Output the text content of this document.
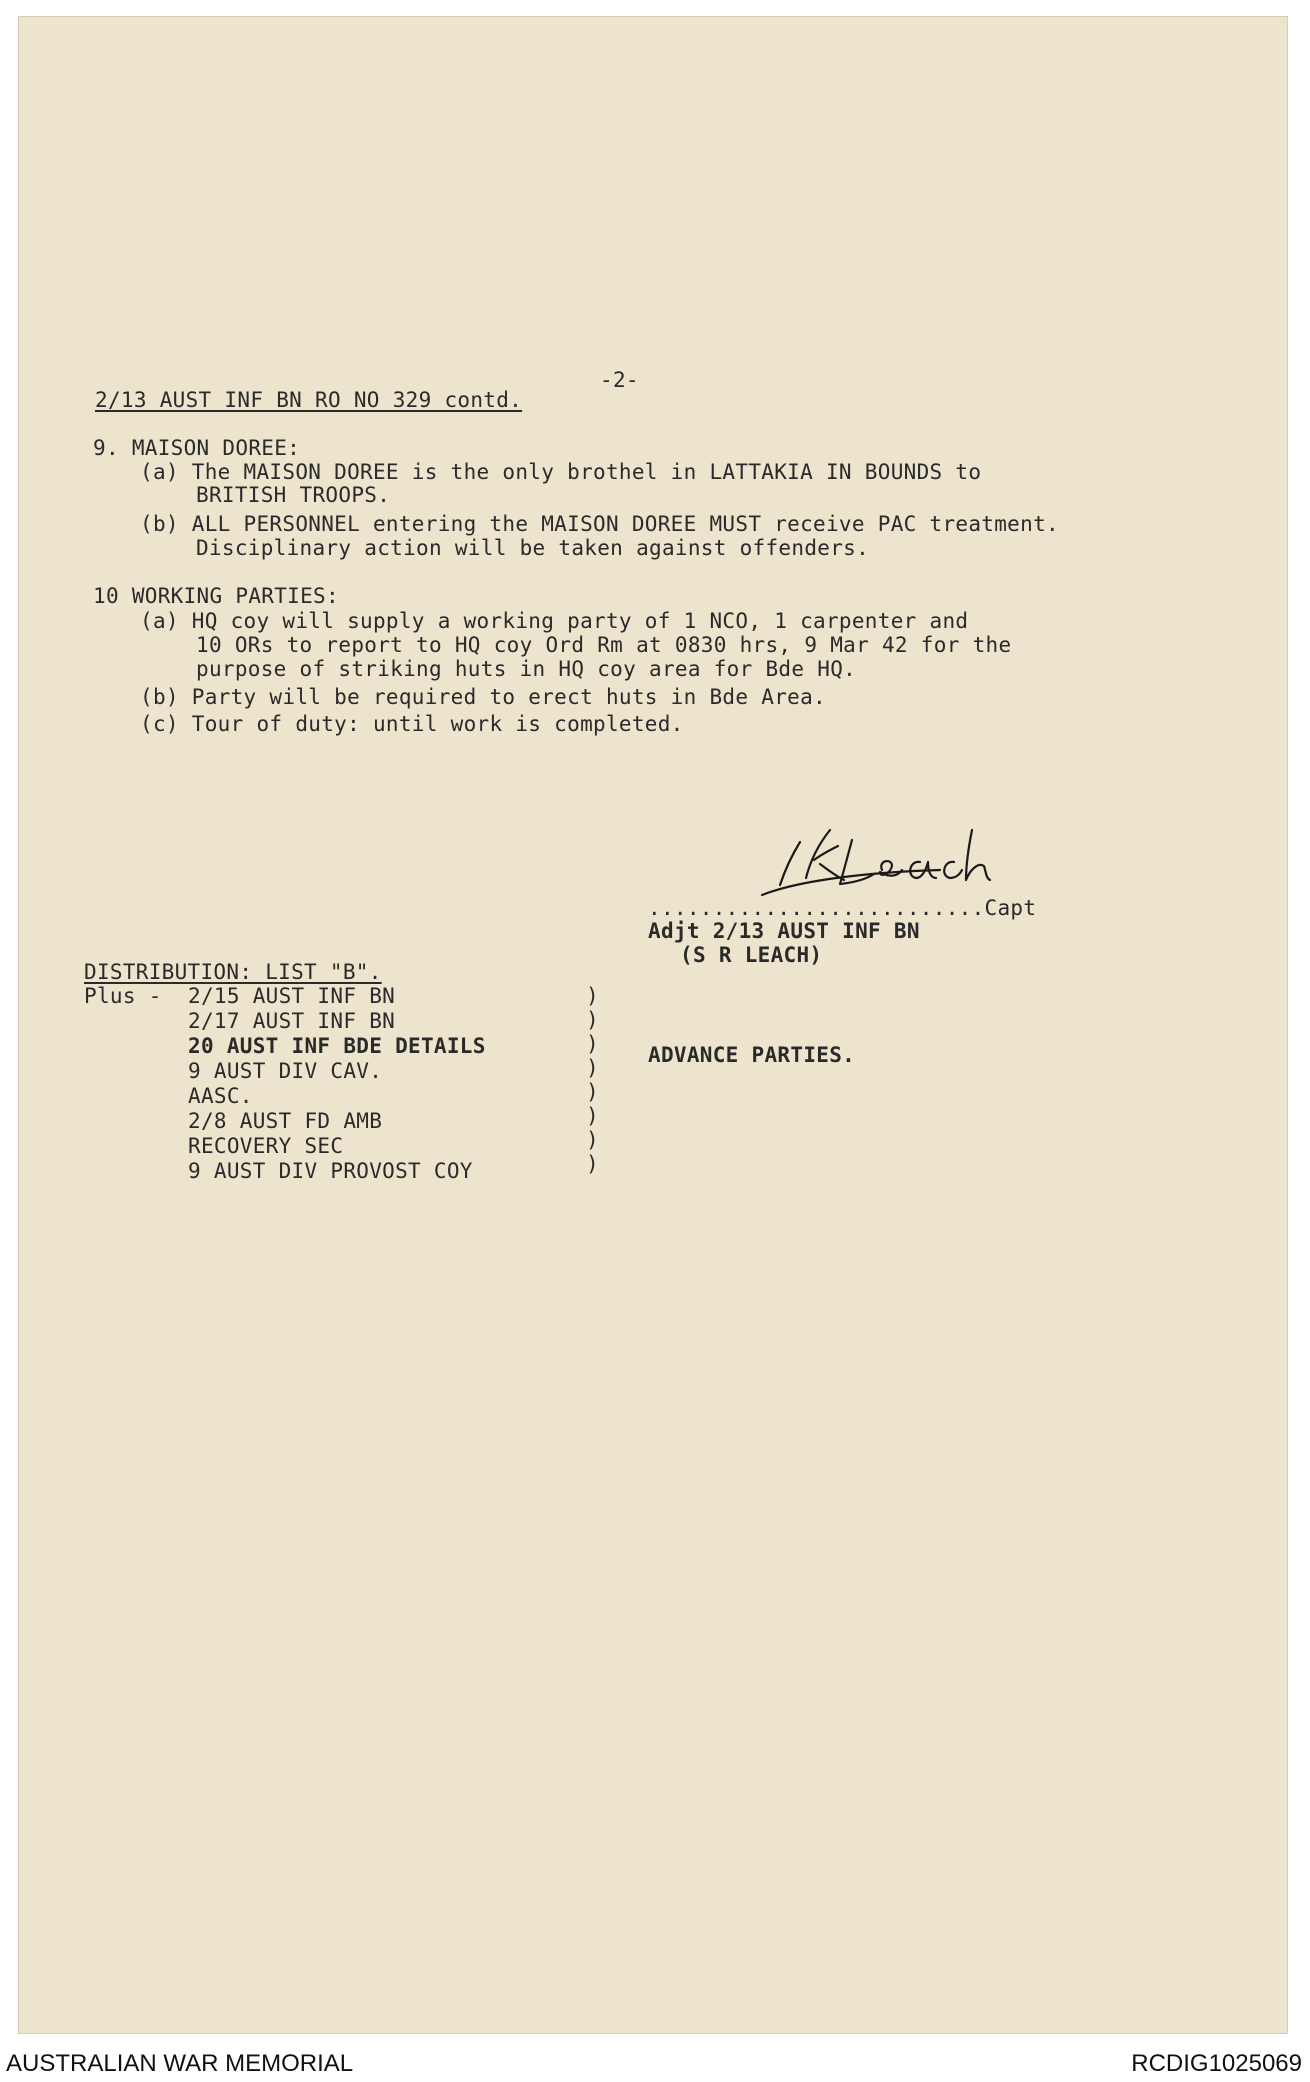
-2-
2/13 AUST INF BN RO NO 329 contd.
9. MAISON DOREE:
(a) The MAISON DOREE is the only brothel in LATTAKIA IN BOUNDS to
BRITISH TROOPS.
(b) ALL PERSONNEL entering the MAISON DOREE MUST receive PAC treatment.
Disciplinary action will be taken against offenders.
10 WORKING PARTIES:
(a) HQ coy will supply a working party of 1 NCO, 1 carpenter and
10 ORs to report to HQ coy Ord Rm at 0830 hrs, 9 Mar 42 for the
purpose of striking huts in HQ coy area for Bde HQ.
(b) Party will be required to erect huts in Bde Area.
(c) Tour of duty: until work is completed.
..........................Capt
Adjt 2/13 AUST INF BN
(S R LEACH)
DISTRIBUTION: LIST "B".
Plus - 2/15 AUST INF BN
2/17 AUST INF BN
20 AUST INF BDE DETAILS
9 AUST DIV CAV.
AASC.
2/8 AUST FD AMB
RECOVERY SEC
9 AUST DIV PROVOST COY
)
)
)
)
)
)
)
)
ADVANCE PARTIES.
AUSTRALIAN WAR MEMORIAL	RCDIG1025069
